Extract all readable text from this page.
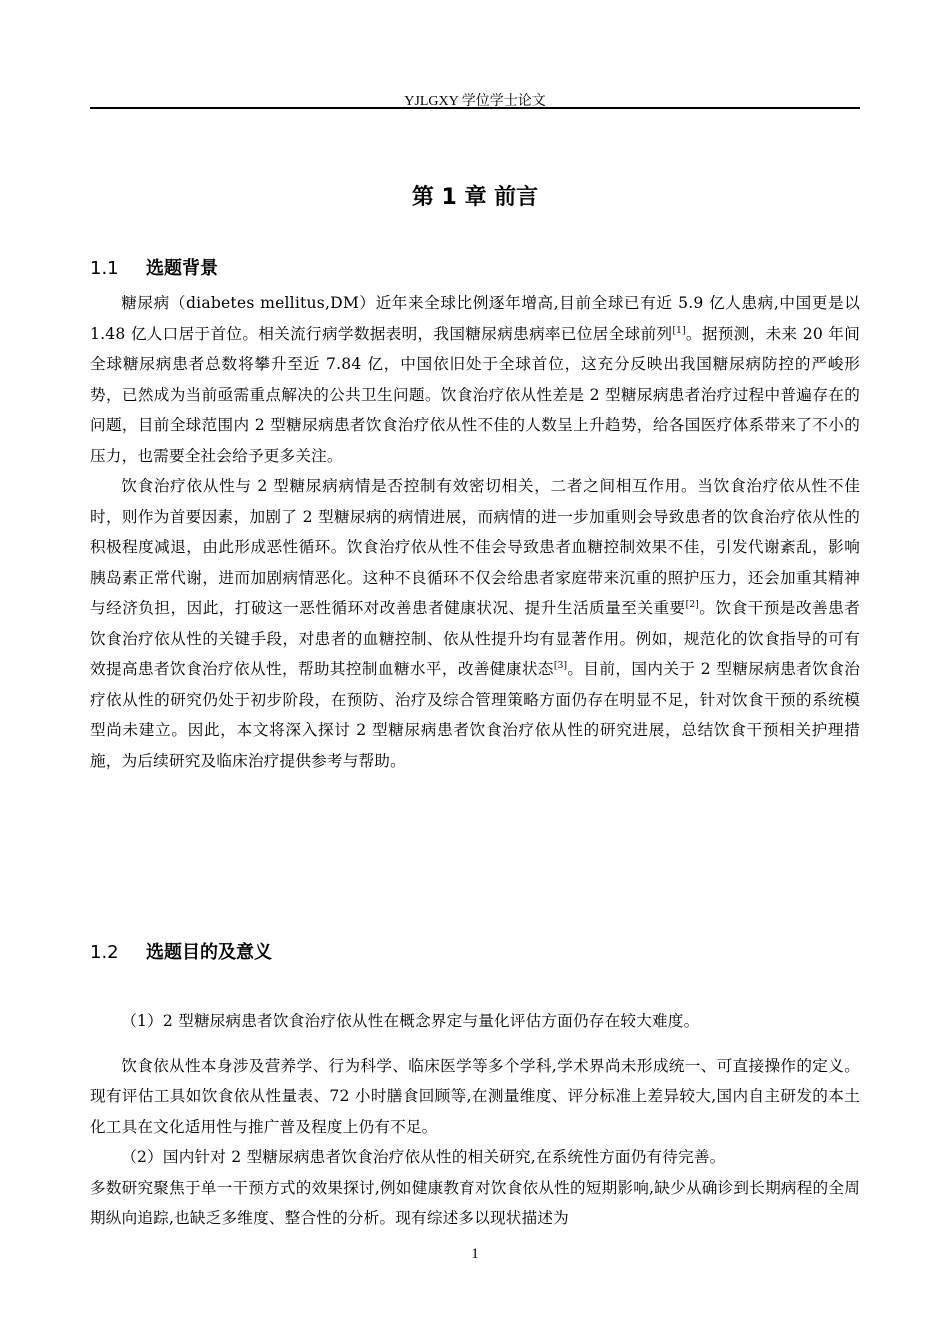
YJLGXY 学位学士论文
第 1 章 前言
1.1 选题背景

糖尿病（diabetes mellitus,DM）近年来全球比例逐年增高,目前全球已有近 5.9 亿人患病,中国更是以 1.48 亿人口居于首位。相关流行病学数据表明，我国糖尿病患病率已位居全球前列[1]。据预测，未来 20 年间全球糖尿病患者总数将攀升至近 7.84 亿，中国依旧处于全球首位，这充分反映出我国糖尿病防控的严峻形势，已然成为当前亟需重点解决的公共卫生问题。饮食治疗依从性差是 2 型糖尿病患者治疗过程中普遍存在的问题，目前全球范围内 2 型糖尿病患者饮食治疗依从性不佳的人数呈上升趋势，给各国医疗体系带来了不小的压力，也需要全社会给予更多关注。

饮食治疗依从性与 2 型糖尿病病情是否控制有效密切相关，二者之间相互作用。当饮食治疗依从性不佳时，则作为首要因素，加剧了 2 型糖尿病的病情进展，而病情的进一步加重则会导致患者的饮食治疗依从性的积极程度减退，由此形成恶性循环。饮食治疗依从性不佳会导致患者血糖控制效果不佳，引发代谢紊乱，影响胰岛素正常代谢，进而加剧病情恶化。这种不良循环不仅会给患者家庭带来沉重的照护压力，还会加重其精神与经济负担，因此，打破这一恶性循环对改善患者健康状况、提升生活质量至关重要[2]。饮食干预是改善患者饮食治疗依从性的关键手段，对患者的血糖控制、依从性提升均有显著作用。例如，规范化的饮食指导的可有效提高患者饮食治疗依从性，帮助其控制血糖水平，改善健康状态[3]。目前，国内关于 2 型糖尿病患者饮食治疗依从性的研究仍处于初步阶段，在预防、治疗及综合管理策略方面仍存在明显不足，针对饮食干预的系统模型尚未建立。因此，本文将深入探讨 2 型糖尿病患者饮食治疗依从性的研究进展，总结饮食干预相关护理措施，为后续研究及临床治疗提供参考与帮助。

1.2 选题目的及意义

（1）2 型糖尿病患者饮食治疗依从性在概念界定与量化评估方面仍存在较大难度。

饮食依从性本身涉及营养学、行为科学、临床医学等多个学科,学术界尚未形成统一、可直接操作的定义。现有评估工具如饮食依从性量表、72 小时膳食回顾等,在测量维度、评分标准上差异较大,国内自主研发的本土化工具在文化适用性与推广普及程度上仍有不足。

（2）国内针对 2 型糖尿病患者饮食治疗依从性的相关研究,在系统性方面仍有待完善。

多数研究聚焦于单一干预方式的效果探讨,例如健康教育对饮食依从性的短期影响,缺少从确诊到长期病程的全周期纵向追踪,也缺乏多维度、整合性的分析。现有综述多以现状描述为

1
